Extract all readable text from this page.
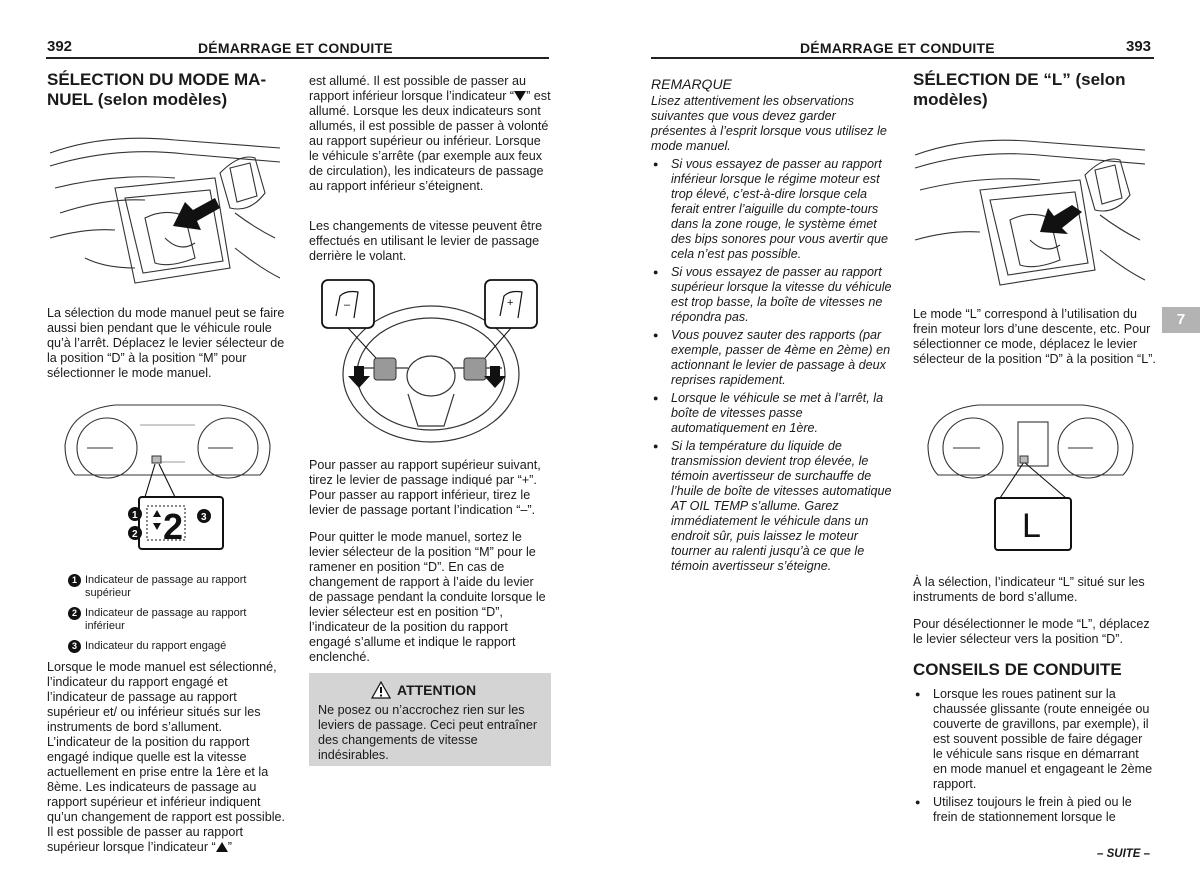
392	DÉMARRAGE ET CONDUITE
SÉLECTION DU MODE MA-
NUEL (selon modèles)
La sélection du mode manuel peut se faire aussi bien pendant que le véhicule roule qu’à l’arrêt. Déplacez le levier sélecteur de la position “D” à la position “M” pour sélectionner le mode manuel.
2
1
2
3
1 Indicateur de passage au rapport supérieur
2 Indicateur de passage au rapport inférieur
3 Indicateur du rapport engagé
Lorsque le mode manuel est sélectionné, l’indicateur du rapport engagé et l’indicateur de passage au rapport supérieur et/ ou inférieur situés sur les instruments de bord s’allument. L’indicateur de la position du rapport engagé indique quelle est la vitesse actuellement en prise entre la 1ère et la 8ème. Les indicateurs de passage au rapport supérieur et inférieur indiquent qu’un changement de rapport est possible. Il est possible de passer au rapport supérieur lorsque l’indicateur “ ”
est allumé. Il est possible de passer au rapport inférieur lorsque l’indicateur “ ” est allumé. Lorsque les deux indicateurs sont allumés, il est possible de passer à volonté au rapport supérieur ou inférieur. Lorsque le véhicule s’arrête (par exemple aux feux de circulation), les indicateurs de passage au rapport inférieur s’éteignent.
Les changements de vitesse peuvent être effectués en utilisant le levier de passage derrière le volant.
–	+
Pour passer au rapport supérieur suivant, tirez le levier de passage indiqué par “+”. Pour passer au rapport inférieur, tirez le levier de passage portant l’indication “–”.
Pour quitter le mode manuel, sortez le levier sélecteur de la position “M” pour le ramener en position “D”. En cas de changement de rapport à l’aide du levier de passage pendant la conduite lorsque le levier sélecteur est en position “D”, l’indicateur de la position du rapport engagé s’allume et indique le rapport enclenché.
ATTENTION
Ne posez ou n’accrochez rien sur les leviers de passage. Ceci peut entraîner des changements de vitesse indésirables.
DÉMARRAGE ET CONDUITE	393
REMARQUE
Lisez attentivement les observations suivantes que vous devez garder présentes à l’esprit lorsque vous utilisez le mode manuel.
● Si vous essayez de passer au rapport inférieur lorsque le régime moteur est trop élevé, c’est-à-dire lorsque cela ferait entrer l’aiguille du compte-tours dans la zone rouge, le système émet des bips sonores pour vous avertir que cela n’est pas possible.
● Si vous essayez de passer au rapport supérieur lorsque la vitesse du véhicule est trop basse, la boîte de vitesses ne répondra pas.
● Vous pouvez sauter des rapports (par exemple, passer de 4ème en 2ème) en actionnant le levier de passage à deux reprises rapidement.
● Lorsque le véhicule se met à l’arrêt, la boîte de vitesses passe automatiquement en 1ère.
● Si la température du liquide de transmission devient trop élevée, le témoin avertisseur de surchauffe de l’huile de boîte de vitesses automatique AT OIL TEMP s’allume. Garez immédiatement le véhicule dans un endroit sûr, puis laissez le moteur tourner au ralenti jusqu’à ce que le témoin avertisseur s’éteigne.
SÉLECTION DE “L” (selon modèles)
Le mode “L” correspond à l’utilisation du frein moteur lors d’une descente, etc. Pour sélectionner ce mode, déplacez le levier sélecteur de la position “D” à la position “L”.
7
L
À la sélection, l’indicateur “L” situé sur les instruments de bord s’allume.
Pour désélectionner le mode “L”, déplacez le levier sélecteur vers la position “D”.
CONSEILS DE CONDUITE
● Lorsque les roues patinent sur la chaussée glissante (route enneigée ou couverte de gravillons, par exemple), il est souvent possible de faire dégager le véhicule sans risque en démarrant en mode manuel et engageant le 2ème rapport.
● Utilisez toujours le frein à pied ou le frein de stationnement lorsque le
– SUITE –
